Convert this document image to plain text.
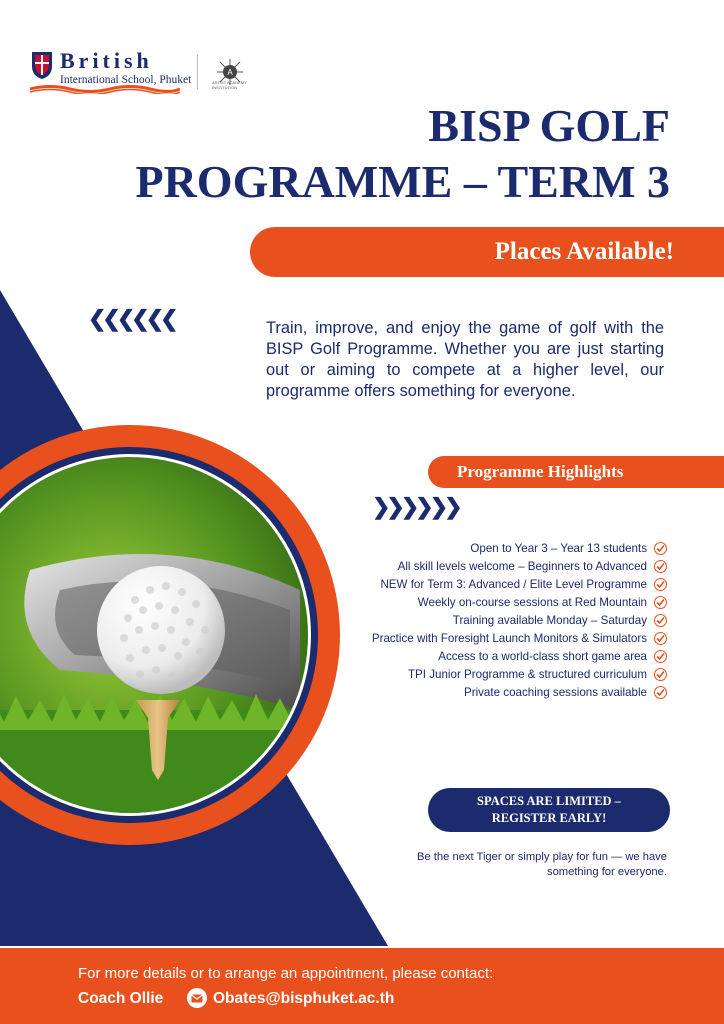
British
International School, Phuket
A
ARTIST ACADEMY INSTITUTION
BISP GOLF
PROGRAMME – TERM 3
Places Available!
❮❮❮❮❮❮	Train, improve, and enjoy the game of golf with the BISP Golf Programme. Whether you are just starting out or aiming to compete at a higher level, our programme offers something for everyone.
Programme Highlights
❯❯❯❯❯❯
Open to Year 3 – Year 13 students
All skill levels welcome – Beginners to Advanced
NEW for Term 3: Advanced / Elite Level Programme
Weekly on-course sessions at Red Mountain
Training available Monday – Saturday
Practice with Foresight Launch Monitors & Simulators
Access to a world-class short game area
TPI Junior Programme & structured curriculum
Private coaching sessions available
SPACES ARE LIMITED –
REGISTER EARLY!
Be the next Tiger or simply play for fun — we have something for everyone.
For more details or to arrange an appointment, please contact:
Coach Ollie	Obates@bisphuket.ac.th
